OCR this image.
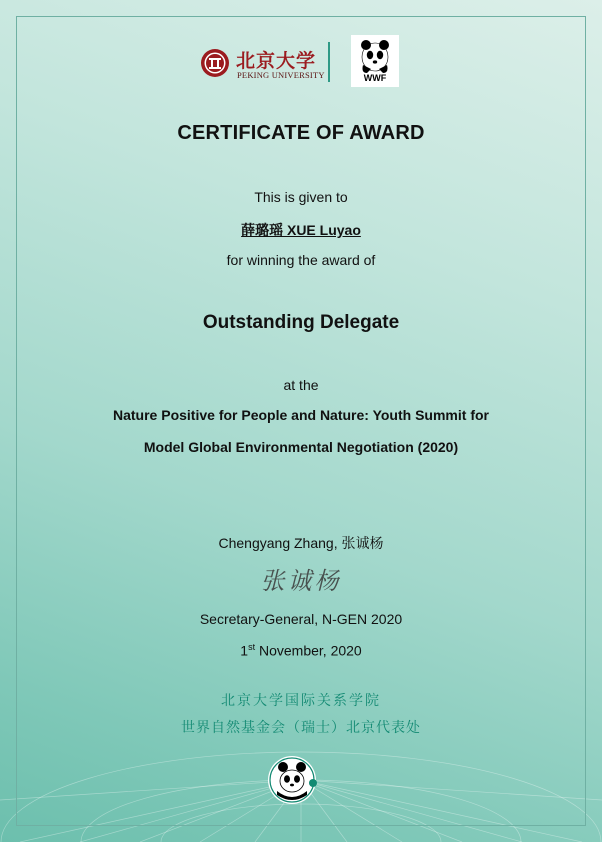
北京大学
PEKING UNIVERSITY	WWF
CERTIFICATE OF AWARD
This is given to
薛璐瑶 XUE Luyao
for winning the award of
Outstanding Delegate
at the
Nature Positive for People and Nature: Youth Summit for
Model Global Environmental Negotiation (2020)
Chengyang Zhang, 张诚杨
张诚杨
Secretary-General, N-GEN 2020
1st November, 2020
北京大学国际关系学院
世界自然基金会（瑞士）北京代表处
